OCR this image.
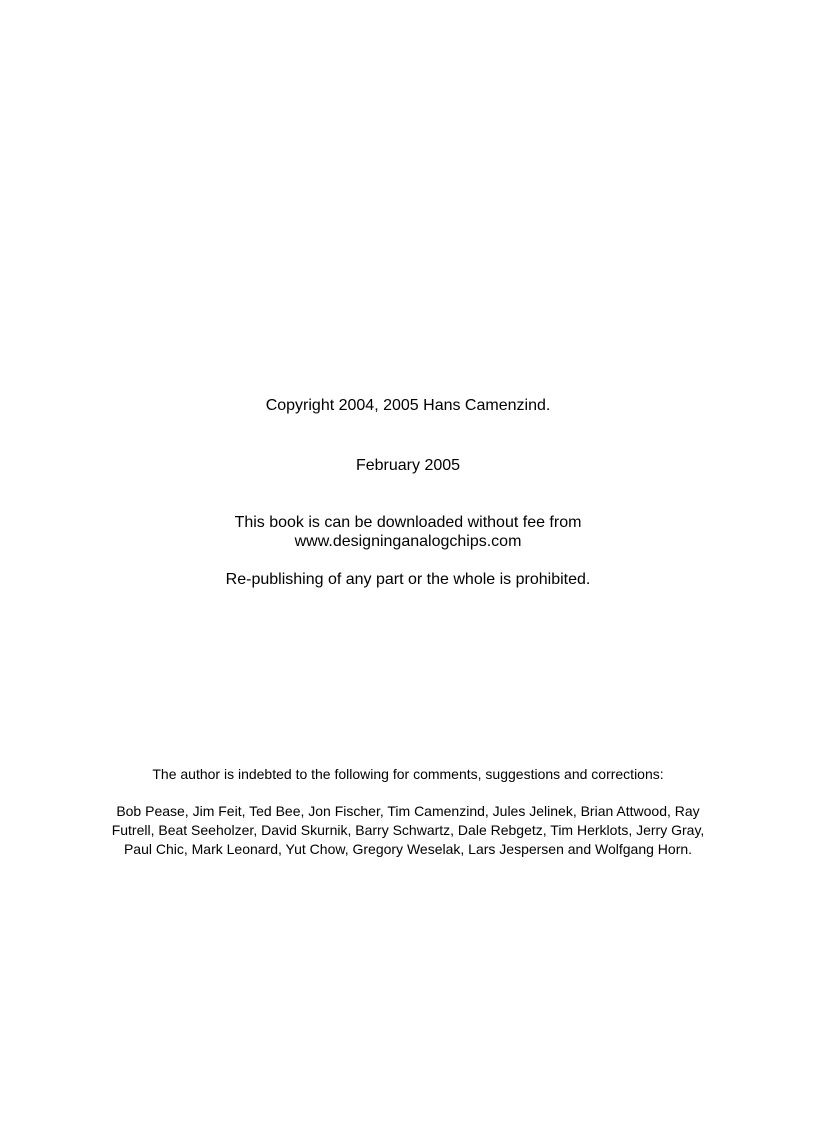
Copyright 2004, 2005 Hans Camenzind.

February 2005

This book is can be downloaded without fee from

www.designinganalogchips.com

Re-publishing of any part or the whole is prohibited.

The author is indebted to the following for comments, suggestions and corrections:

Bob Pease, Jim Feit, Ted Bee, Jon Fischer, Tim Camenzind, Jules Jelinek, Brian Attwood, Ray Futrell, Beat Seeholzer, David Skurnik, Barry Schwartz, Dale Rebgetz, Tim Herklots, Jerry Gray, Paul Chic, Mark Leonard, Yut Chow, Gregory Weselak, Lars Jespersen and Wolfgang Horn.
